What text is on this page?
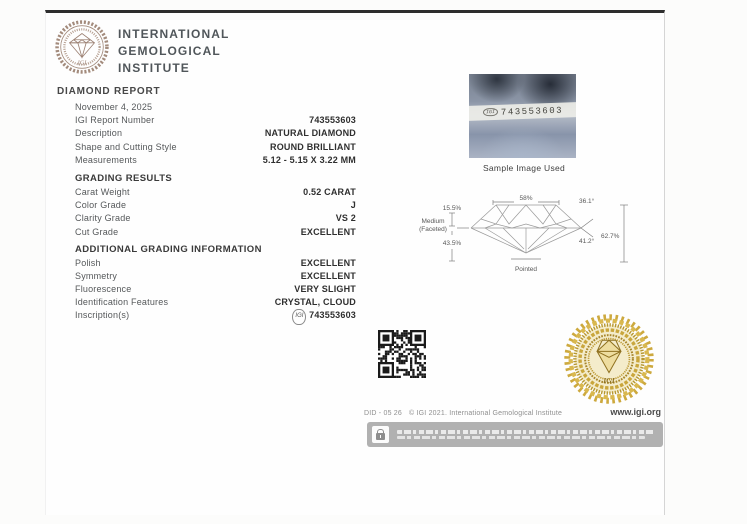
IGI
INTERNATIONAL
GEMOLOGICAL
INSTITUTE
DIAMOND REPORT
November 4, 2025
IGI Report Number	743553603
Description	NATURAL DIAMOND
Shape and Cutting Style	ROUND BRILLIANT
Measurements	5.12 - 5.15 X 3.22 MM
GRADING RESULTS
Carat Weight	0.52 CARAT
Color Grade	J
Clarity Grade	VS 2
Cut Grade	EXCELLENT
ADDITIONAL GRADING INFORMATION
Polish	EXCELLENT
Symmetry	EXCELLENT
Fluorescence	VERY SLIGHT
Identification Features	CRYSTAL, CLOUD
Inscription(s)	IGI 743553603
IGI 743553603
Sample Image Used
58%	36.1°
15.5%
Medium
(Faceted)
43.5%	41.2°
62.7%
Pointed
IGI
DID - 05 26 © IGI 2021. International Gemological Institute	www.igi.org
